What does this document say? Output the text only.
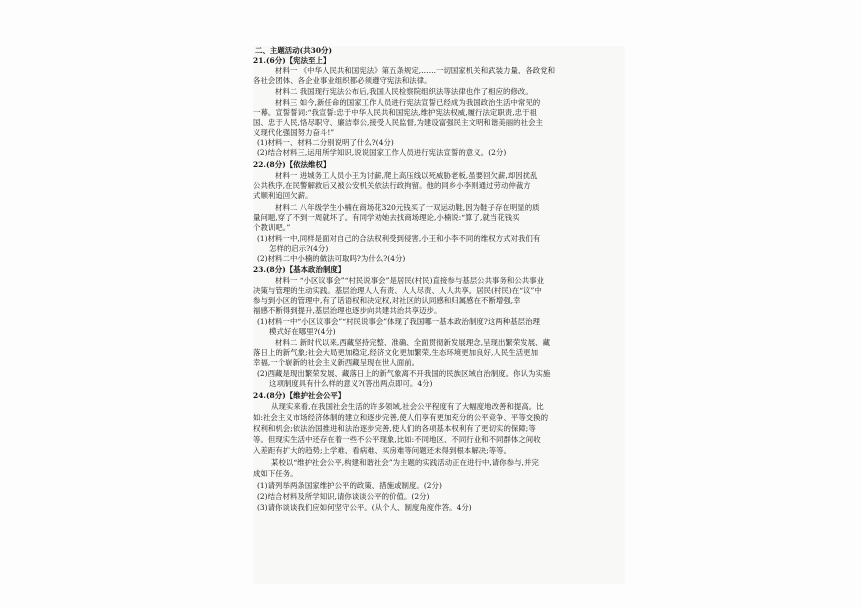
二、主题活动(共30分)
21.(6分)【宪法至上】
材料一 《中华人民共和国宪法》第五条规定,……一切国家机关和武装力量、各政党和
各社会团体、各企业事业组织都必须遵守宪法和法律。
材料二 我国现行宪法公布后,我国人民检察院组织法等法律也作了相应的修改。
材料三 如今,新任命的国家工作人员进行宪法宣誓已经成为我国政治生活中常见的
一幕。宣誓誓词:“我宣誓:忠于中华人民共和国宪法,维护宪法权威,履行法定职责,忠于祖
国、忠于人民,恪尽职守、廉洁奉公,接受人民监督,为建设富强民主文明和谐美丽的社会主
义现代化强国努力奋斗!”
(1)材料一、材料二分别说明了什么?(4分)
(2)结合材料三,运用所学知识,说说国家工作人员进行宪法宣誓的意义。(2分)
22.(8分)【依法维权】
材料一 进城务工人员小王为讨薪,爬上高压线以死威胁老板,虽要回欠薪,却因扰乱
公共秩序,在民警解救后又被公安机关依法行政拘留。他的同乡小李则通过劳动仲裁方
式顺利追回欠薪。
材料二 八年级学生小楠在商场花320元钱买了一双运动鞋,因为鞋子存在明显的质
量问题,穿了不到一周就坏了。有同学劝她去找商场理论,小楠说:“算了,就当花钱买
个教训吧。”
(1)材料一中,同样是面对自己的合法权利受到侵害,小王和小李不同的维权方式对我们有
怎样的启示?(4分)
(2)材料二中小楠的做法可取吗?为什么?(4分)
23.(8分)【基本政治制度】
材料一 “小区议事会”“村民说事会”是居民(村民)直接参与基层公共事务和公共事业
决策与管理的生动实践。基层治理人人有责、人人尽责、人人共享。居民(村民)在“议”中
参与到小区的管理中,有了话语权和决定权,对社区的认同感和归属感在不断增强,幸
福感不断得到提升,基层治理也逐步向共建共治共享迈步。
(1)材料一中“小区议事会”“村民说事会”体现了我国哪一基本政治制度?这两种基层治理
模式好在哪里?(4分)
材料二 新时代以来,西藏坚持完整、准确、全面贯彻新发展理念,呈现出繁荣发展、藏
落日上的新气象;社会大局更加稳定,经济文化更加繁荣,生态环境更加良好,人民生活更加
幸福,一个崭新的社会主义新西藏呈现在世人面前。
(2)西藏是现出繁荣发展、藏落日上的新气象离不开我国的民族区域自治制度。你认为实施
这项制度具有什么样的意义?(答出两点即可。4分)
24.(8分)【维护社会公平】
从现实来看,在我国社会生活的许多领域,社会公平程度有了大幅度地改善和提高。比
如:社会主义市场经济体制的建立和逐步完善,使人们享有更加充分的公平竞争、平等交换的
权利和机会;依法治国推进和法治逐步完善,使人们的各项基本权利有了更切实的保障;等
等。但现实生活中还存在着一些不公平现象,比如:不同地区、不同行业和不同群体之间收
入差距有扩大的趋势;上学难、看病难、买房难等问题还未得到根本解决;等等。
某校以“维护社会公平,构建和谐社会”为主题的实践活动正在进行中,请你参与,并完
成如下任务。
(1)请列举两条国家维护公平的政策、措施或制度。(2分)
(2)结合材料及所学知识,请你谈谈公平的价值。(2分)
(3)请你谈谈我们应如何坚守公平。(从个人、制度角度作答。4分)
